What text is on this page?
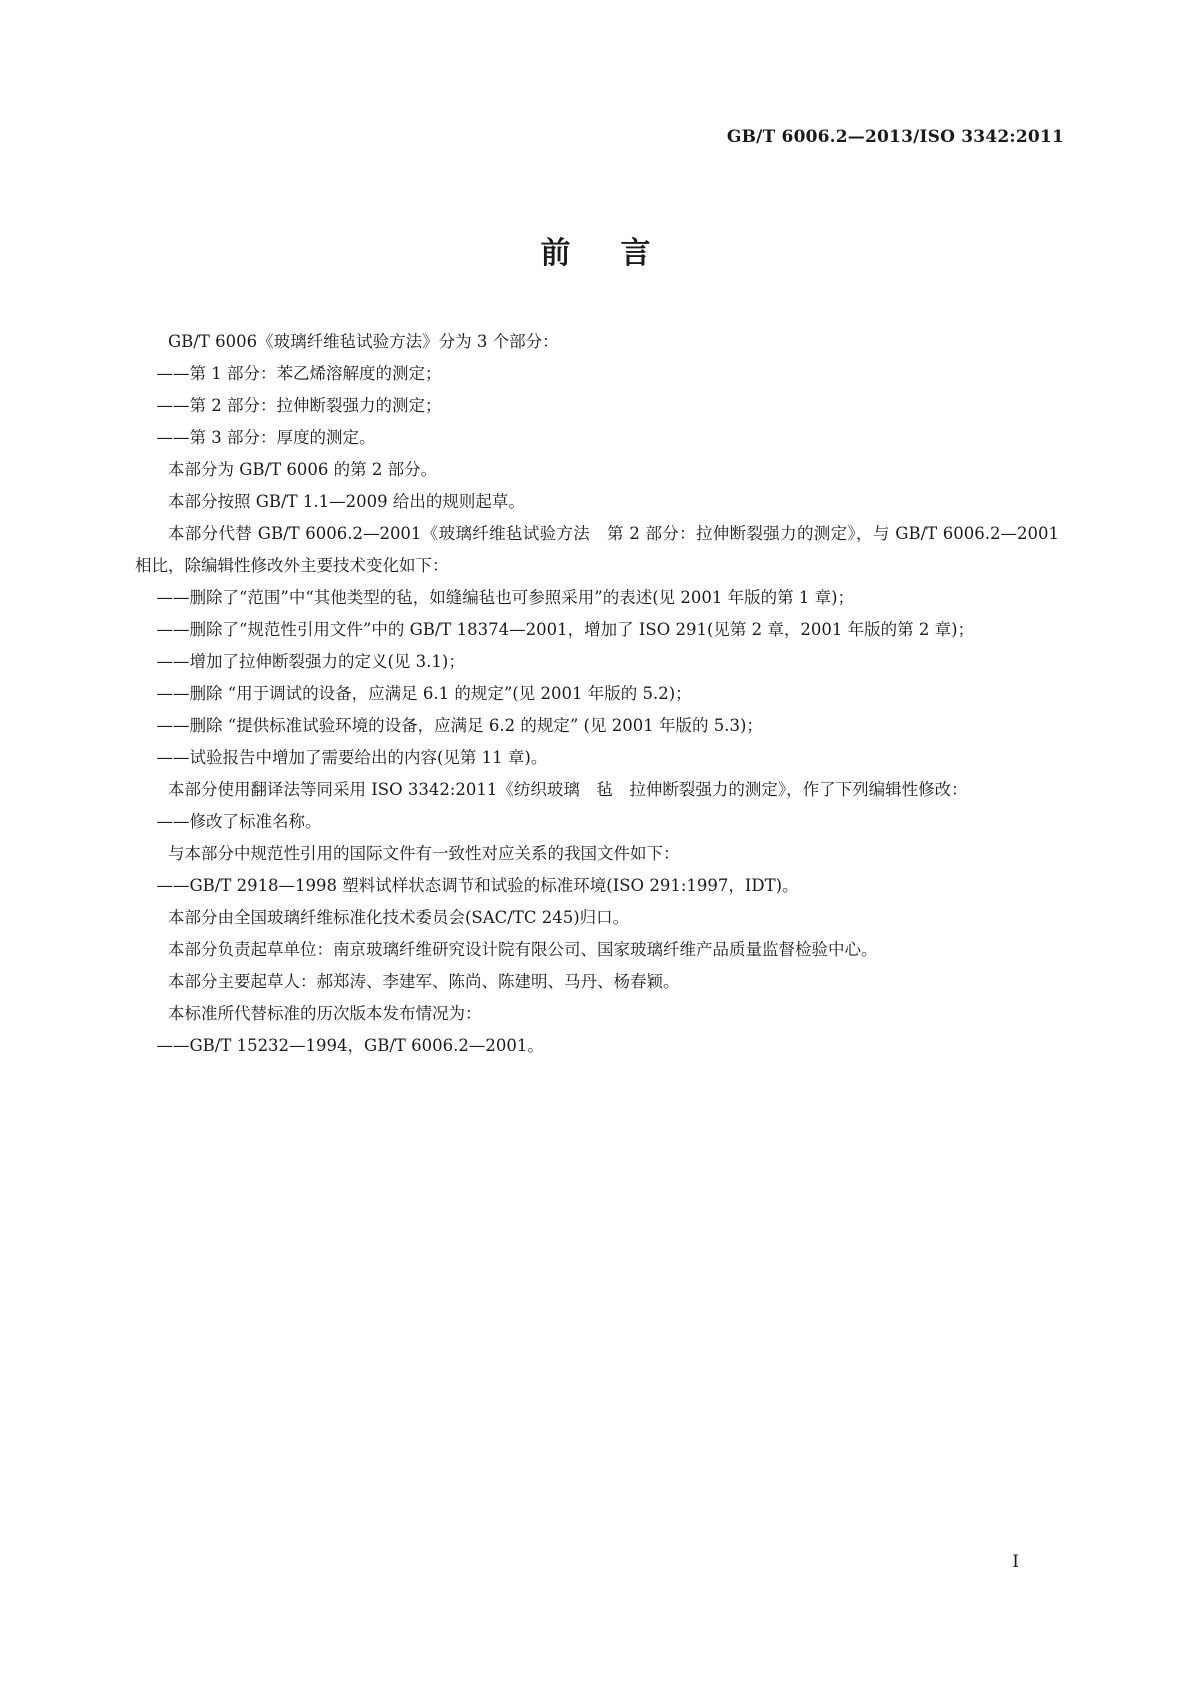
GB/T 6006.2—2013/ISO 3342:2011
前言

GB/T 6006《玻璃纤维毡试验方法》分为 3 个部分：

——第 1 部分：苯乙烯溶解度的测定；

——第 2 部分：拉伸断裂强力的测定；

——第 3 部分：厚度的测定。

本部分为 GB/T 6006 的第 2 部分。

本部分按照 GB/T 1.1—2009 给出的规则起草。

本部分代替 GB/T 6006.2—2001《玻璃纤维毡试验方法　第 2 部分：拉伸断裂强力的测定》，与 GB/T 6006.2—2001 相比，除编辑性修改外主要技术变化如下：

——删除了“范围”中“其他类型的毡，如缝编毡也可参照采用”的表述(见 2001 年版的第 1 章)；

——删除了“规范性引用文件”中的 GB/T 18374—2001，增加了 ISO 291(见第 2 章，2001 年版的第 2 章)；

——增加了拉伸断裂强力的定义(见 3.1)；

——删除 “用于调试的设备，应满足 6.1 的规定”(见 2001 年版的 5.2)；

——删除 “提供标准试验环境的设备，应满足 6.2 的规定” (见 2001 年版的 5.3)；

——试验报告中增加了需要给出的内容(见第 11 章)。

本部分使用翻译法等同采用 ISO 3342:2011《纺织玻璃　毡　拉伸断裂强力的测定》，作了下列编辑性修改：

——修改了标准名称。

与本部分中规范性引用的国际文件有一致性对应关系的我国文件如下：

——GB/T 2918—1998 塑料试样状态调节和试验的标准环境(ISO 291:1997，IDT)。

本部分由全国玻璃纤维标准化技术委员会(SAC/TC 245)归口。

本部分负责起草单位：南京玻璃纤维研究设计院有限公司、国家玻璃纤维产品质量监督检验中心。

本部分主要起草人：郝郑涛、李建军、陈尚、陈建明、马丹、杨春颖。

本标准所代替标准的历次版本发布情况为：

——GB/T 15232—1994，GB/T 6006.2—2001。

I
